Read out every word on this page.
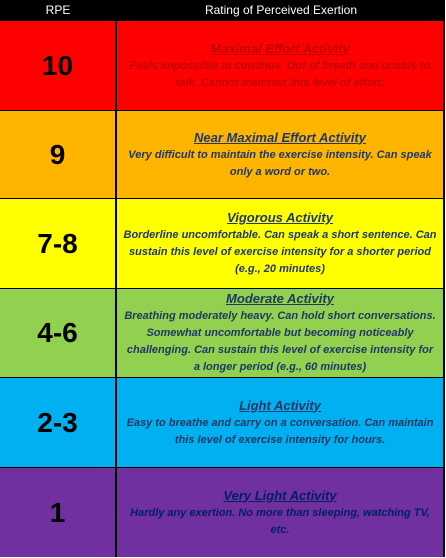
RPE	Rating of Perceived Exertion
10
Maximal Effort Activity
Feels impossible to continue. Out of breath and unable to talk. Cannot maintain this level of effort.
9
Near Maximal Effort Activity
Very difficult to maintain the exercise intensity. Can speak only a word or two.
7-8
Vigorous Activity
Borderline uncomfortable. Can speak a short sentence. Can sustain this level of exercise intensity for a shorter period (e.g., 20 minutes)
4-6
Moderate Activity
Breathing moderately heavy. Can hold short conversations. Somewhat uncomfortable but becoming noticeably challenging. Can sustain this level of exercise intensity for a longer period (e.g., 60 minutes)
2-3
Light Activity
Easy to breathe and carry on a conversation. Can maintain this level of exercise intensity for hours.
1
Very Light Activity
Hardly any exertion. No more than sleeping, watching TV, etc.
